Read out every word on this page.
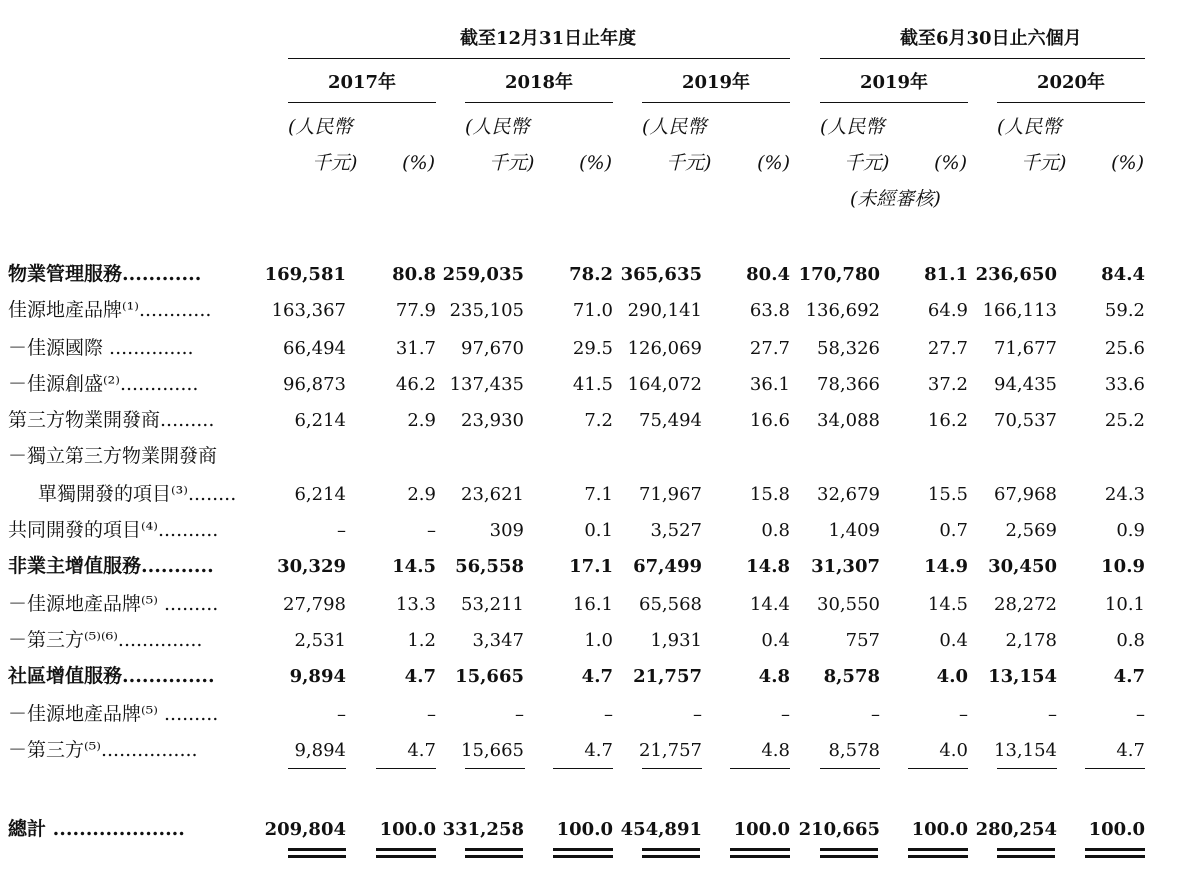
截至12月31日止年度	截至6月30日止六個月
2017年	2018年	2019年	2019年	2020年
(人民幣
千元)	(%)
(人民幣
千元)	(%)
(人民幣
千元)	(%)
(人民幣
千元)	(%)
(未經審核)
(人民幣
千元)	(%)
物業管理服務............	169,581	80.8 259,035	78.2 365,635	80.4 170,780	81.1 236,650	84.4
佳源地產品牌⁽¹⁾............	163,367	77.9 235,105	71.0 290,141	63.8 136,692	64.9 166,113	59.2
－佳源國際 ..............	66,494	31.7	97,670	29.5 126,069	27.7	58,326	27.7	71,677	25.6
－佳源創盛⁽²⁾.............	96,873	46.2 137,435	41.5 164,072	36.1	78,366	37.2	94,435	33.6
第三方物業開發商.........	6,214	2.9	23,930	7.2	75,494	16.6	34,088	16.2	70,537	25.2
－獨立第三方物業開發商
單獨開發的項目⁽³⁾........	6,214	2.9	23,621	7.1	71,967	15.8	32,679	15.5	67,968	24.3
共同開發的項目⁽⁴⁾..........	–	–	309	0.1	3,527	0.8	1,409	0.7	2,569	0.9
非業主增值服務...........	30,329	14.5	56,558	17.1	67,499	14.8	31,307	14.9	30,450	10.9
－佳源地產品牌⁽⁵⁾ .........	27,798	13.3	53,211	16.1	65,568	14.4	30,550	14.5	28,272	10.1
－第三方⁽⁵⁾⁽⁶⁾..............	2,531	1.2	3,347	1.0	1,931	0.4	757	0.4	2,178	0.8
社區增值服務..............	9,894	4.7	15,665	4.7	21,757	4.8	8,578	4.0	13,154	4.7
－佳源地產品牌⁽⁵⁾ .........	–	–	–	–	–	–	–	–	–	–
－第三方⁽⁵⁾................	9,894	4.7	15,665	4.7	21,757	4.8	8,578	4.0	13,154	4.7
總計 ....................	209,804	100.0 331,258	100.0 454,891	100.0 210,665	100.0 280,254	100.0
